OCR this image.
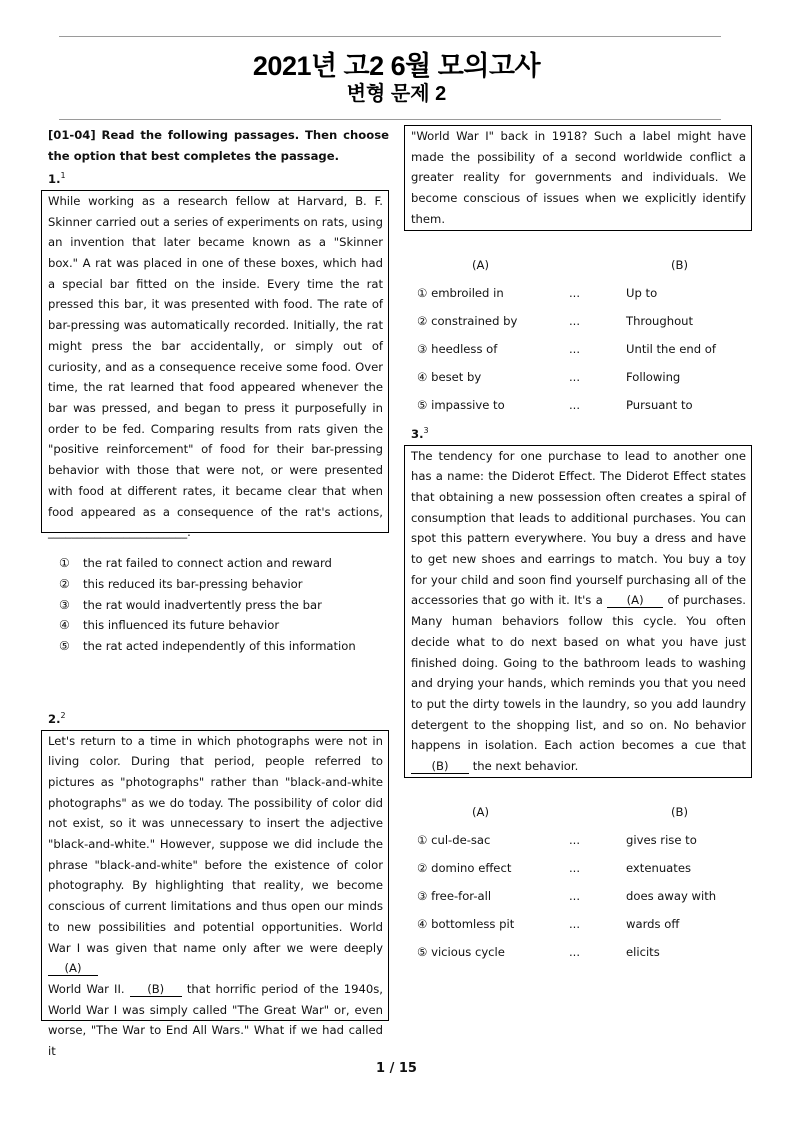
2021년 고2 6월 모의고사
변형 문제 2
[01-04] Read the following passages. Then choose the option that best completes the passage.
1.$^1$
While working as a research fellow at Harvard, B. F. Skinner carried out a series of experiments on rats, using an invention that later became known as a "Skinner box." A rat was placed in one of these boxes, which had a special bar fitted on the inside. Every time the rat pressed this bar, it was presented with food. The rate of bar-pressing was automatically recorded. Initially, the rat might press the bar accidentally, or simply out of curiosity, and as a consequence receive some food. Over time, the rat learned that food appeared whenever the bar was pressed, and began to press it purposefully in order to be fed. Comparing results from rats given the "positive reinforcement" of food for their bar-pressing behavior with those that were not, or were presented with food at different rates, it became clear that when food appeared as a consequence of the rat's actions, ________________________.
①	the rat failed to connect action and reward
②	this reduced its bar-pressing behavior
③	the rat would inadvertently press the bar
④	this influenced its future behavior
⑤	the rat acted independently of this information
2.$^2$
Let's return to a time in which photographs were not in living color. During that period, people referred to pictures as "photographs" rather than "black-and-white photographs" as we do today. The possibility of color did not exist, so it was unnecessary to insert the adjective "black-and-white." However, suppose we did include the phrase "black-and-white" before the existence of color photography. By highlighting that reality, we become conscious of current limitations and thus open our minds to new possibilities and potential opportunities. World War I was given that name only after we were deeply (A)
World War II. (B) that horrific period of the 1940s, World War I was simply called "The Great War" or, even worse, "The War to End All Wars." What if we had called it
"World War I" back in 1918? Such a label might have made the possibility of a second worldwide conflict a greater reality for governments and individuals. We become conscious of issues when we explicitly identify them.
(A)	(B)
① embroiled in	...	Up to
② constrained by	...	Throughout
③ heedless of	...	Until the end of
④ beset by	...	Following
⑤ impassive to	...	Pursuant to
3.$^3$
The tendency for one purchase to lead to another one has a name: the Diderot Effect. The Diderot Effect states that obtaining a new possession often creates a spiral of consumption that leads to additional purchases. You can spot this pattern everywhere. You buy a dress and have to get new shoes and earrings to match. You buy a toy for your child and soon find yourself purchasing all of the accessories that go with it. It's a (A) of purchases. Many human behaviors follow this cycle. You often decide what to do next based on what you have just finished doing. Going to the bathroom leads to washing and drying your hands, which reminds you that you need to put the dirty towels in the laundry, so you add laundry detergent to the shopping list, and so on. No behavior happens in isolation. Each action becomes a cue that (B) the next behavior.
(A)	(B)
① cul-de-sac	...	gives rise to
② domino effect	...	extenuates
③ free-for-all	...	does away with
④ bottomless pit	...	wards off
⑤ vicious cycle	...	elicits
1 / 15
